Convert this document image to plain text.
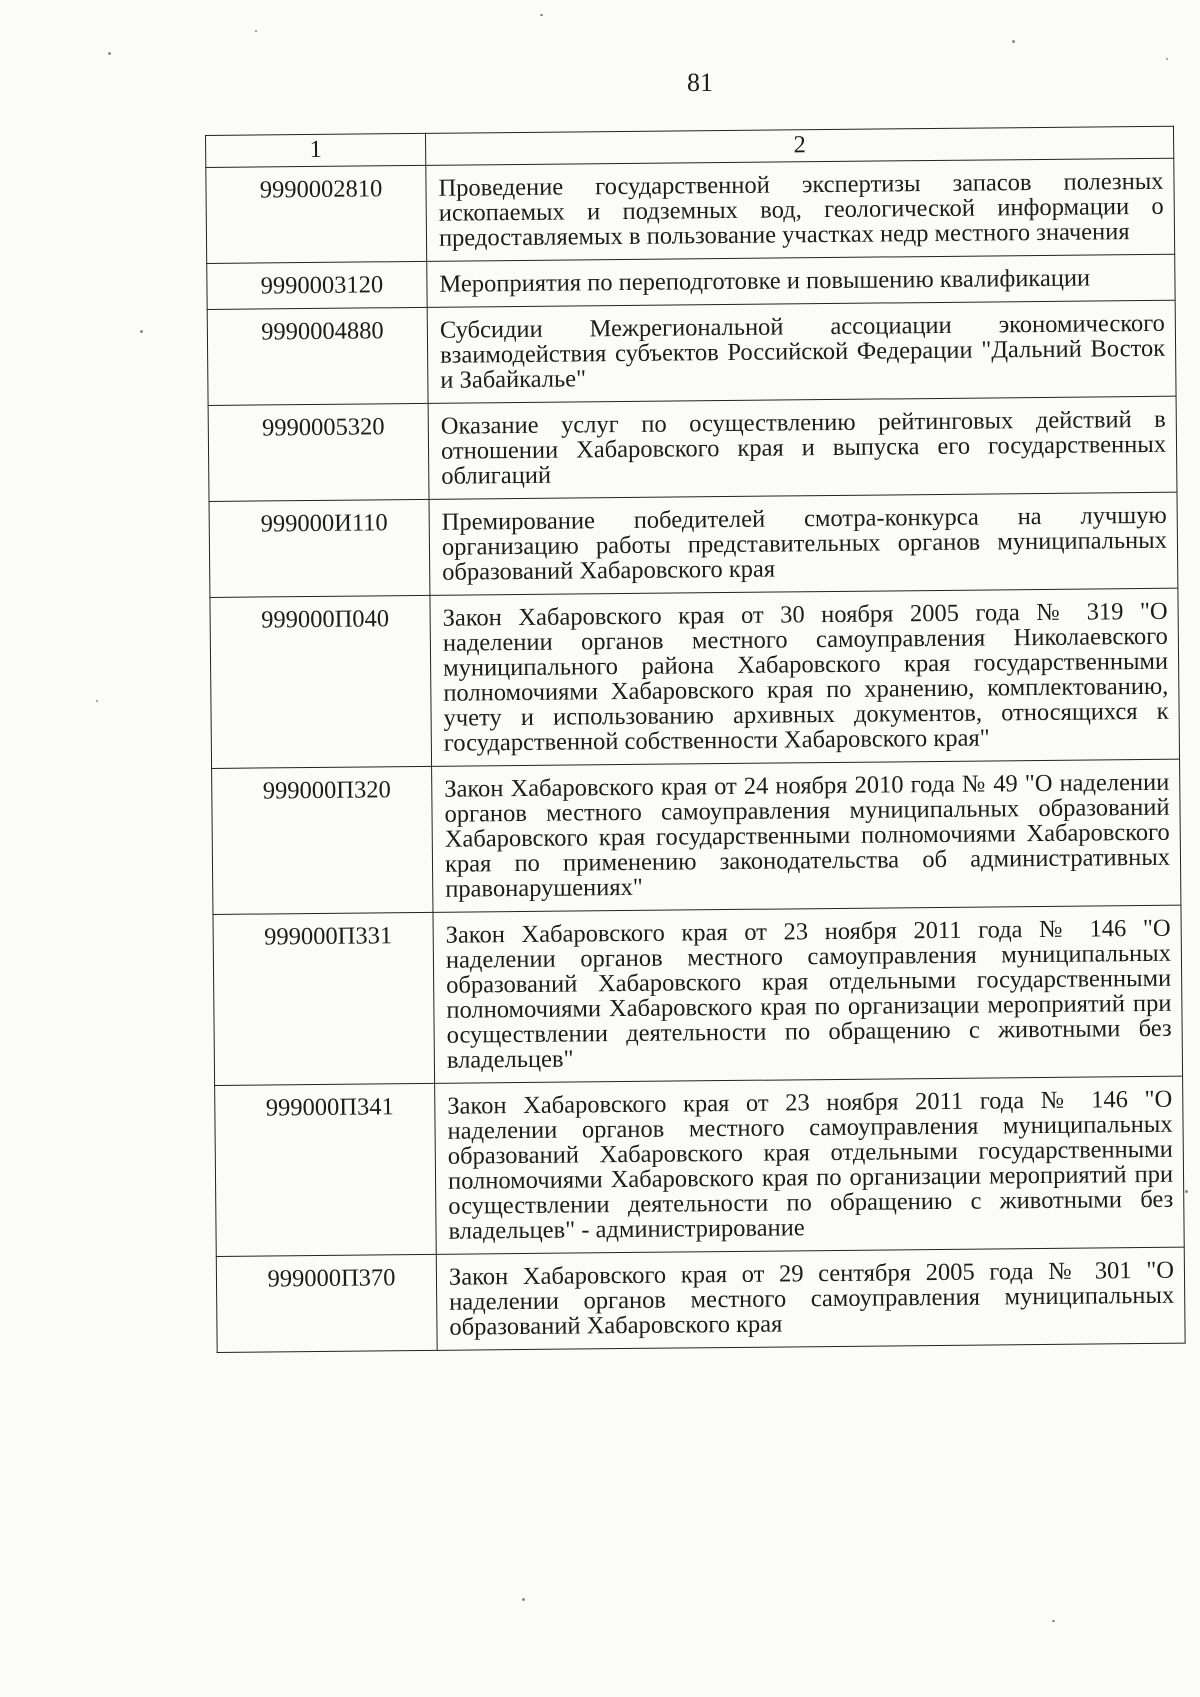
81
1	2
9990002810	Проведение государственной экспертизы запасов полезных ископаемых и подземных вод, геологической информации о предоставляемых в пользование участках недр местного значения
9990003120	Мероприятия по переподготовке и повышению квалификации
9990004880	Субсидии Межрегиональной ассоциации экономического взаимодействия субъектов Российской Федерации "Дальний Восток и Забайкалье"
9990005320	Оказание услуг по осуществлению рейтинговых действий в отношении Хабаровского края и выпуска его государственных облигаций
999000И110	Премирование победителей смотра-конкурса на лучшую организацию работы представительных органов муниципальных образований Хабаровского края
999000П040	Закон Хабаровского края от 30 ноября 2005 года № 319 "О наделении органов местного самоуправления Николаевского муниципального района Хабаровского края государственными полномочиями Хабаровского края по хранению, комплектованию, учету и использованию архивных документов, относящихся к государственной собственности Хабаровского края"
999000П320	Закон Хабаровского края от 24 ноября 2010 года № 49 "О наделении органов местного самоуправления муниципальных образований Хабаровского края государственными полномочиями Хабаровского края по применению законодательства об административных правонарушениях"
999000П331	Закон Хабаровского края от 23 ноября 2011 года № 146 "О наделении органов местного самоуправления муниципальных образований Хабаровского края отдельными государственными полномочиями Хабаровского края по организации мероприятий при осуществлении деятельности по обращению с животными без владельцев"
999000П341	Закон Хабаровского края от 23 ноября 2011 года № 146 "О наделении органов местного самоуправления муниципальных образований Хабаровского края отдельными государственными полномочиями Хабаровского края по организации мероприятий при осуществлении деятельности по обращению с животными без владельцев" - администрирование
999000П370	Закон Хабаровского края от 29 сентября 2005 года № 301 "О наделении органов местного самоуправления муниципальных образований Хабаровского края
